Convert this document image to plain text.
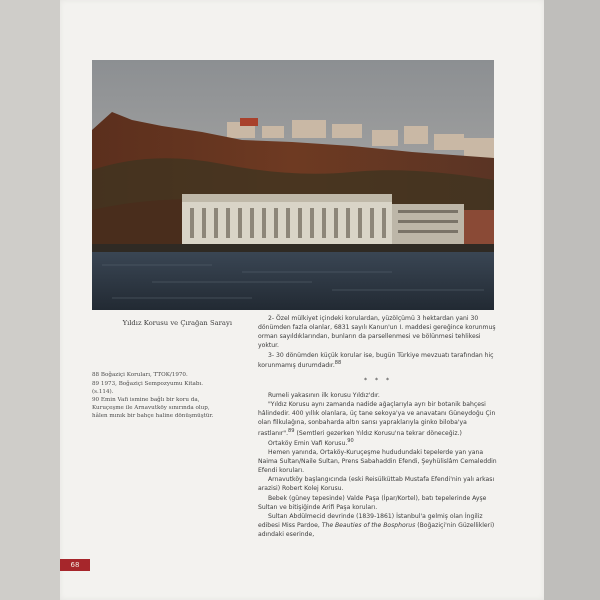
Yıldız Korusu ve Çırağan Sarayı
88 Boğaziçi Koruları, TTOK/1970.
89 1973, Boğaziçi Sempozyumu Kitabı. (s.114).
90 Emin Vafi ismine bağlı bir koru da, Kuruçeşme ile Arnavutköy sınırında olup, hâlen mınık bir bahçe haline dönüşmüştür.

2- Özel mülkiyet içindeki korulardan, yüzölçümü 3 hektardan yani 30 dönümden fazla olanlar, 6831 sayılı Kanun'un I. maddesi gereğince korunmuş orman sayıldıklarından, bunların da parsellenmesi ve bölünmesi tehlikesi yoktur.

3- 30 dönümden küçük korular ise, bugün Türkiye mevzuatı tarafından hiç korunmamış durumdadır.$^{88}$

* * *

Rumeli yakasının ilk korusu Yıldız'dır.

"Yıldız Korusu aynı zamanda nadide ağaçlarıyla ayrı bir botanik bahçesi hâlindedir. 400 yıllık olanlara, üç tane sekoya'ya ve anavatanı Güneydoğu Çin olan filkulağına, sonbaharda altın sarısı yapraklarıyla ginko biloba'ya rastlanır".$^{89}$ (Semtleri gezerken Yıldız Korusu'na tekrar döneceğiz.)

Ortaköy Emin Vafi Korusu.$^{90}$

Hemen yanında, Ortaköy-Kuruçeşme hududundaki tepelerde yan yana Naima Sultan/Naile Sultan, Prens Sabahaddin Efendi, Şeyhülislâm Cemaleddin Efendi koruları.

Arnavutköy başlangıcında (eski Reisülküttab Mustafa Efendi'nin yalı arkası arazisi) Robert Kolej Korusu.

Bebek (güney tepesinde) Valde Paşa (İpar/Kortel), batı tepelerinde Ayşe Sultan ve bitişiğinde Arifi Paşa koruları.

Sultan Abdülmecid devrinde (1839-1861) İstanbul'a gelmiş olan İngiliz edibesi Miss Pardoe, The Beauties of the Bosphorus (Boğaziçi'nin Güzellikleri) adındaki eserinde,

68
